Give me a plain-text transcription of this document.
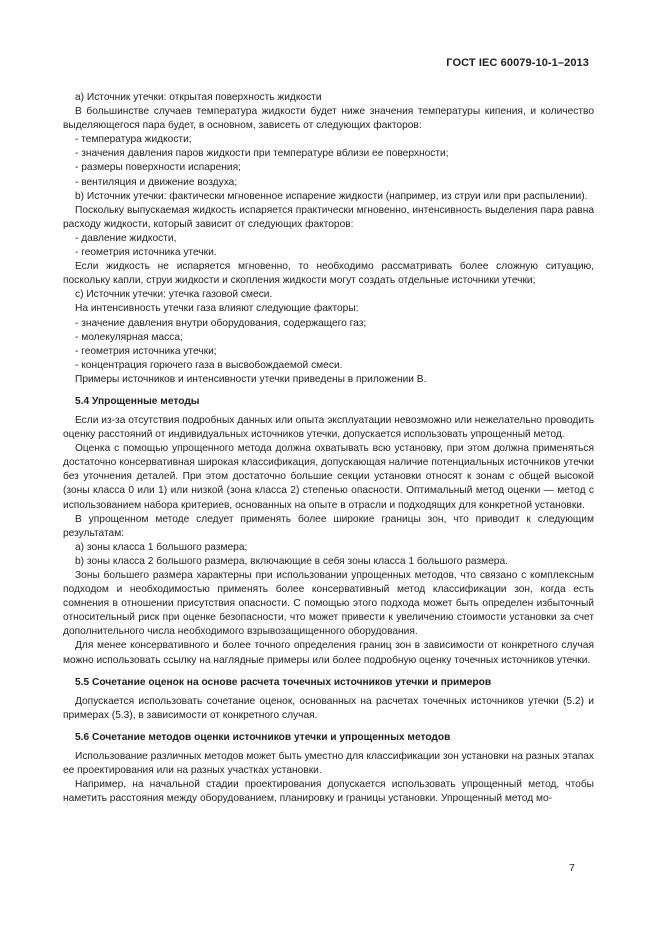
ГОСТ IEC 60079-10-1–2013

а) Источник утечки: открытая поверхность жидкости

В большинстве случаев температура жидкости будет ниже значения температуры кипения, и количество выделяющегося пара будет, в основном, зависеть от следующих факторов:

- температура жидкости;

- значения давления паров жидкости при температуре вблизи ее поверхности;

- размеры поверхности испарения;

- вентиляция и движение воздуха;

b) Источник утечки: фактически мгновенное испарение жидкости (например, из струи или при распылении).

Поскольку выпускаемая жидкость испаряется практически мгновенно, интенсивность выделения пара равна расходу жидкости, который зависит от следующих факторов:

- давление жидкости,

- геометрия источника утечки.

Если жидкость не испаряется мгновенно, то необходимо рассматривать более сложную ситуацию, поскольку капли, струи жидкости и скопления жидкости могут создать отдельные источники утечки;

с) Источник утечки: утечка газовой смеси.

На интенсивность утечки газа влияют следующие факторы:

- значение давления внутри оборудования, содержащего газ;

- молекулярная масса;

- геометрия источника утечки;

- концентрация горючего газа в высвобождаемой смеси.

Примеры источников и интенсивности утечки приведены в приложении В.

5.4 Упрощенные методы

Если из-за отсутствия подробных данных или опыта эксплуатации невозможно или нежелательно проводить оценку расстояний от индивидуальных источников утечки, допускается использовать упрощенный метод.

Оценка с помощью упрощенного метода должна охватывать всю установку, при этом должна применяться достаточно консервативная широкая классификация, допускающая наличие потенциальных источников утечки без уточнения деталей. При этом достаточно большие секции установки относят к зонам с общей высокой (зоны класса 0 или 1) или низкой (зона класса 2) степенью опасности. Оптимальный метод оценки — метод с использованием набора критериев, основанных на опыте в отрасли и подходящих для конкретной установки.

В упрощенном методе следует применять более широкие границы зон, что приводит к следующим результатам:

а) зоны класса 1 большого размера;

b) зоны класса 2 большого размера, включающие в себя зоны класса 1 большого размера.

Зоны большего размера характерны при использовании упрощенных методов, что связано с комплексным подходом и необходимостью применять более консервативный метод классификации зон, когда есть сомнения в отношении присутствия опасности. С помощью этого подхода может быть определен избыточный относительный риск при оценке безопасности, что может привести к увеличению стоимости установки за счет дополнительного числа необходимого взрывозащищенного оборудования.

Для менее консервативного и более точного определения границ зон в зависимости от конкретного случая можно использовать ссылку на наглядные примеры или более подробную оценку точечных источников утечки.

5.5 Сочетание оценок на основе расчета точечных источников утечки и примеров

Допускается использовать сочетание оценок, основанных на расчетах точечных источников утечки (5.2) и примерах (5.3), в зависимости от конкретного случая.

5.6 Сочетание методов оценки источников утечки и упрощенных методов

Использование различных методов может быть уместно для классификации зон установки на разных этапах ее проектирования или на разных участках установки.

Например, на начальной стадии проектирования допускается использовать упрощенный метод, чтобы наметить расстояния между оборудованием, планировку и границы установки. Упрощенный метод мо-

7
